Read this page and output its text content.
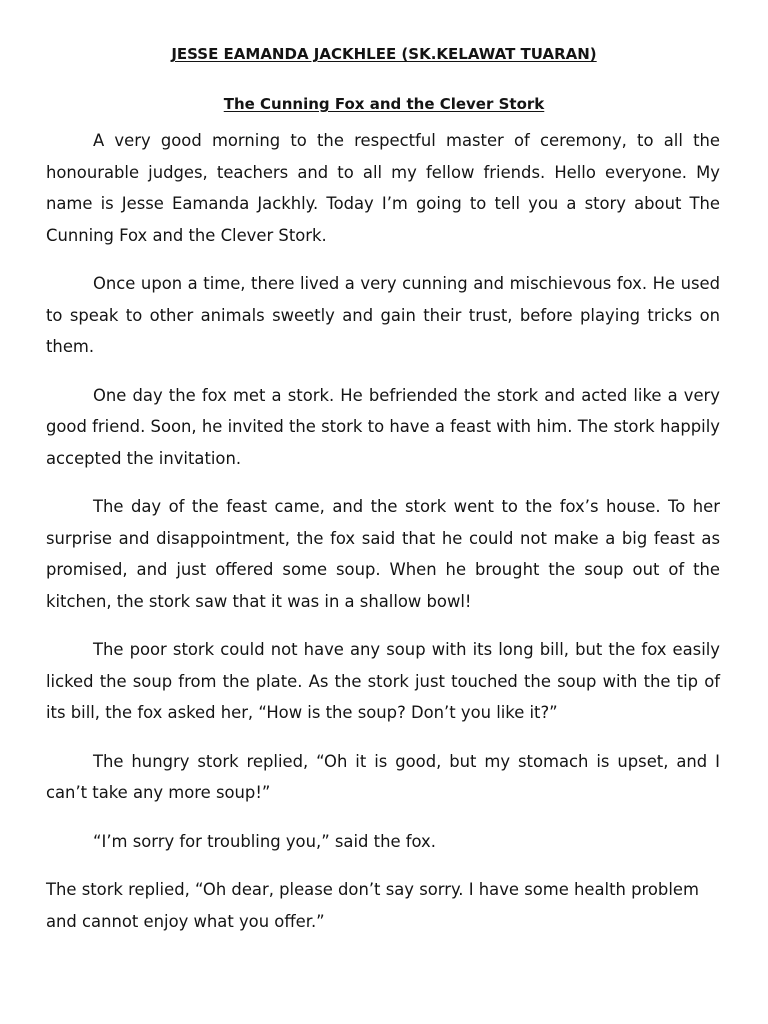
JESSE EAMANDA JACKHLEE (SK.KELAWAT TUARAN)
The Cunning Fox and the Clever Stork

A very good morning to the respectful master of ceremony, to all the honourable judges, teachers and to all my fellow friends. Hello everyone. My name is Jesse Eamanda Jackhly. Today I’m going to tell you a story about The Cunning Fox and the Clever Stork.

Once upon a time, there lived a very cunning and mischievous fox. He used to speak to other animals sweetly and gain their trust, before playing tricks on them.

One day the fox met a stork. He befriended the stork and acted like a very good friend. Soon, he invited the stork to have a feast with him. The stork happily accepted the invitation.

The day of the feast came, and the stork went to the fox’s house. To her surprise and disappointment, the fox said that he could not make a big feast as promised, and just offered some soup. When he brought the soup out of the kitchen, the stork saw that it was in a shallow bowl!

The poor stork could not have any soup with its long bill, but the fox easily licked the soup from the plate. As the stork just touched the soup with the tip of its bill, the fox asked her, “How is the soup? Don’t you like it?”

The hungry stork replied, “Oh it is good, but my stomach is upset, and I can’t take any more soup!”

“I’m sorry for troubling you,” said the fox.

The stork replied, “Oh dear, please don’t say sorry. I have some health problem and cannot enjoy what you offer.”
